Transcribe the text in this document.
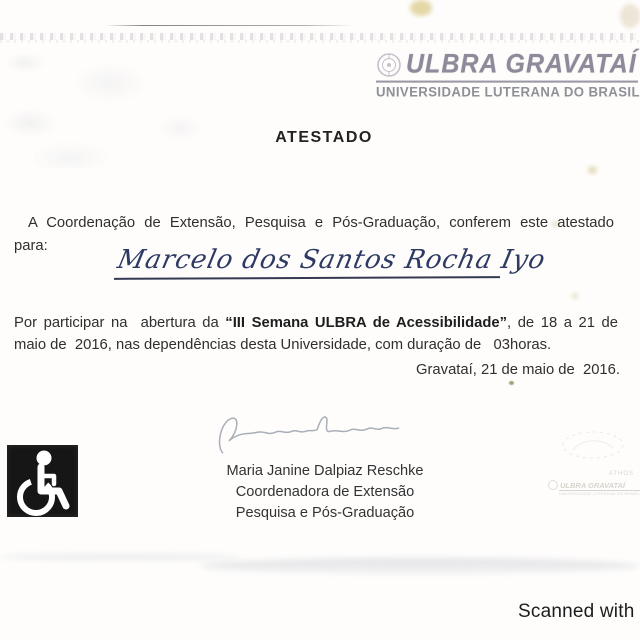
ULBRA GRAVATAÍ
UNIVERSIDADE LUTERANA DO BRASIL
ATESTADO
A Coordenação de Extensão, Pesquisa e Pós-Graduação, conferem este atestado
para:	Marcelo dos Santos Rocha Iyo
Por participar na  abertura da “III Semana ULBRA de Acessibilidade”, de 18 a 21 de
maio de  2016, nas dependências desta Universidade, com duração de   03horas.
Gravataí, 21 de maio de  2016.
Maria Janine Dalpiaz Reschke
Coordenadora de Extensão
Pesquisa e Pós-Graduação
ATHOS
ULBRA GRAVATAÍ
UNIVERSIDADE LUTERANA DO BRASIL
Scanned with
